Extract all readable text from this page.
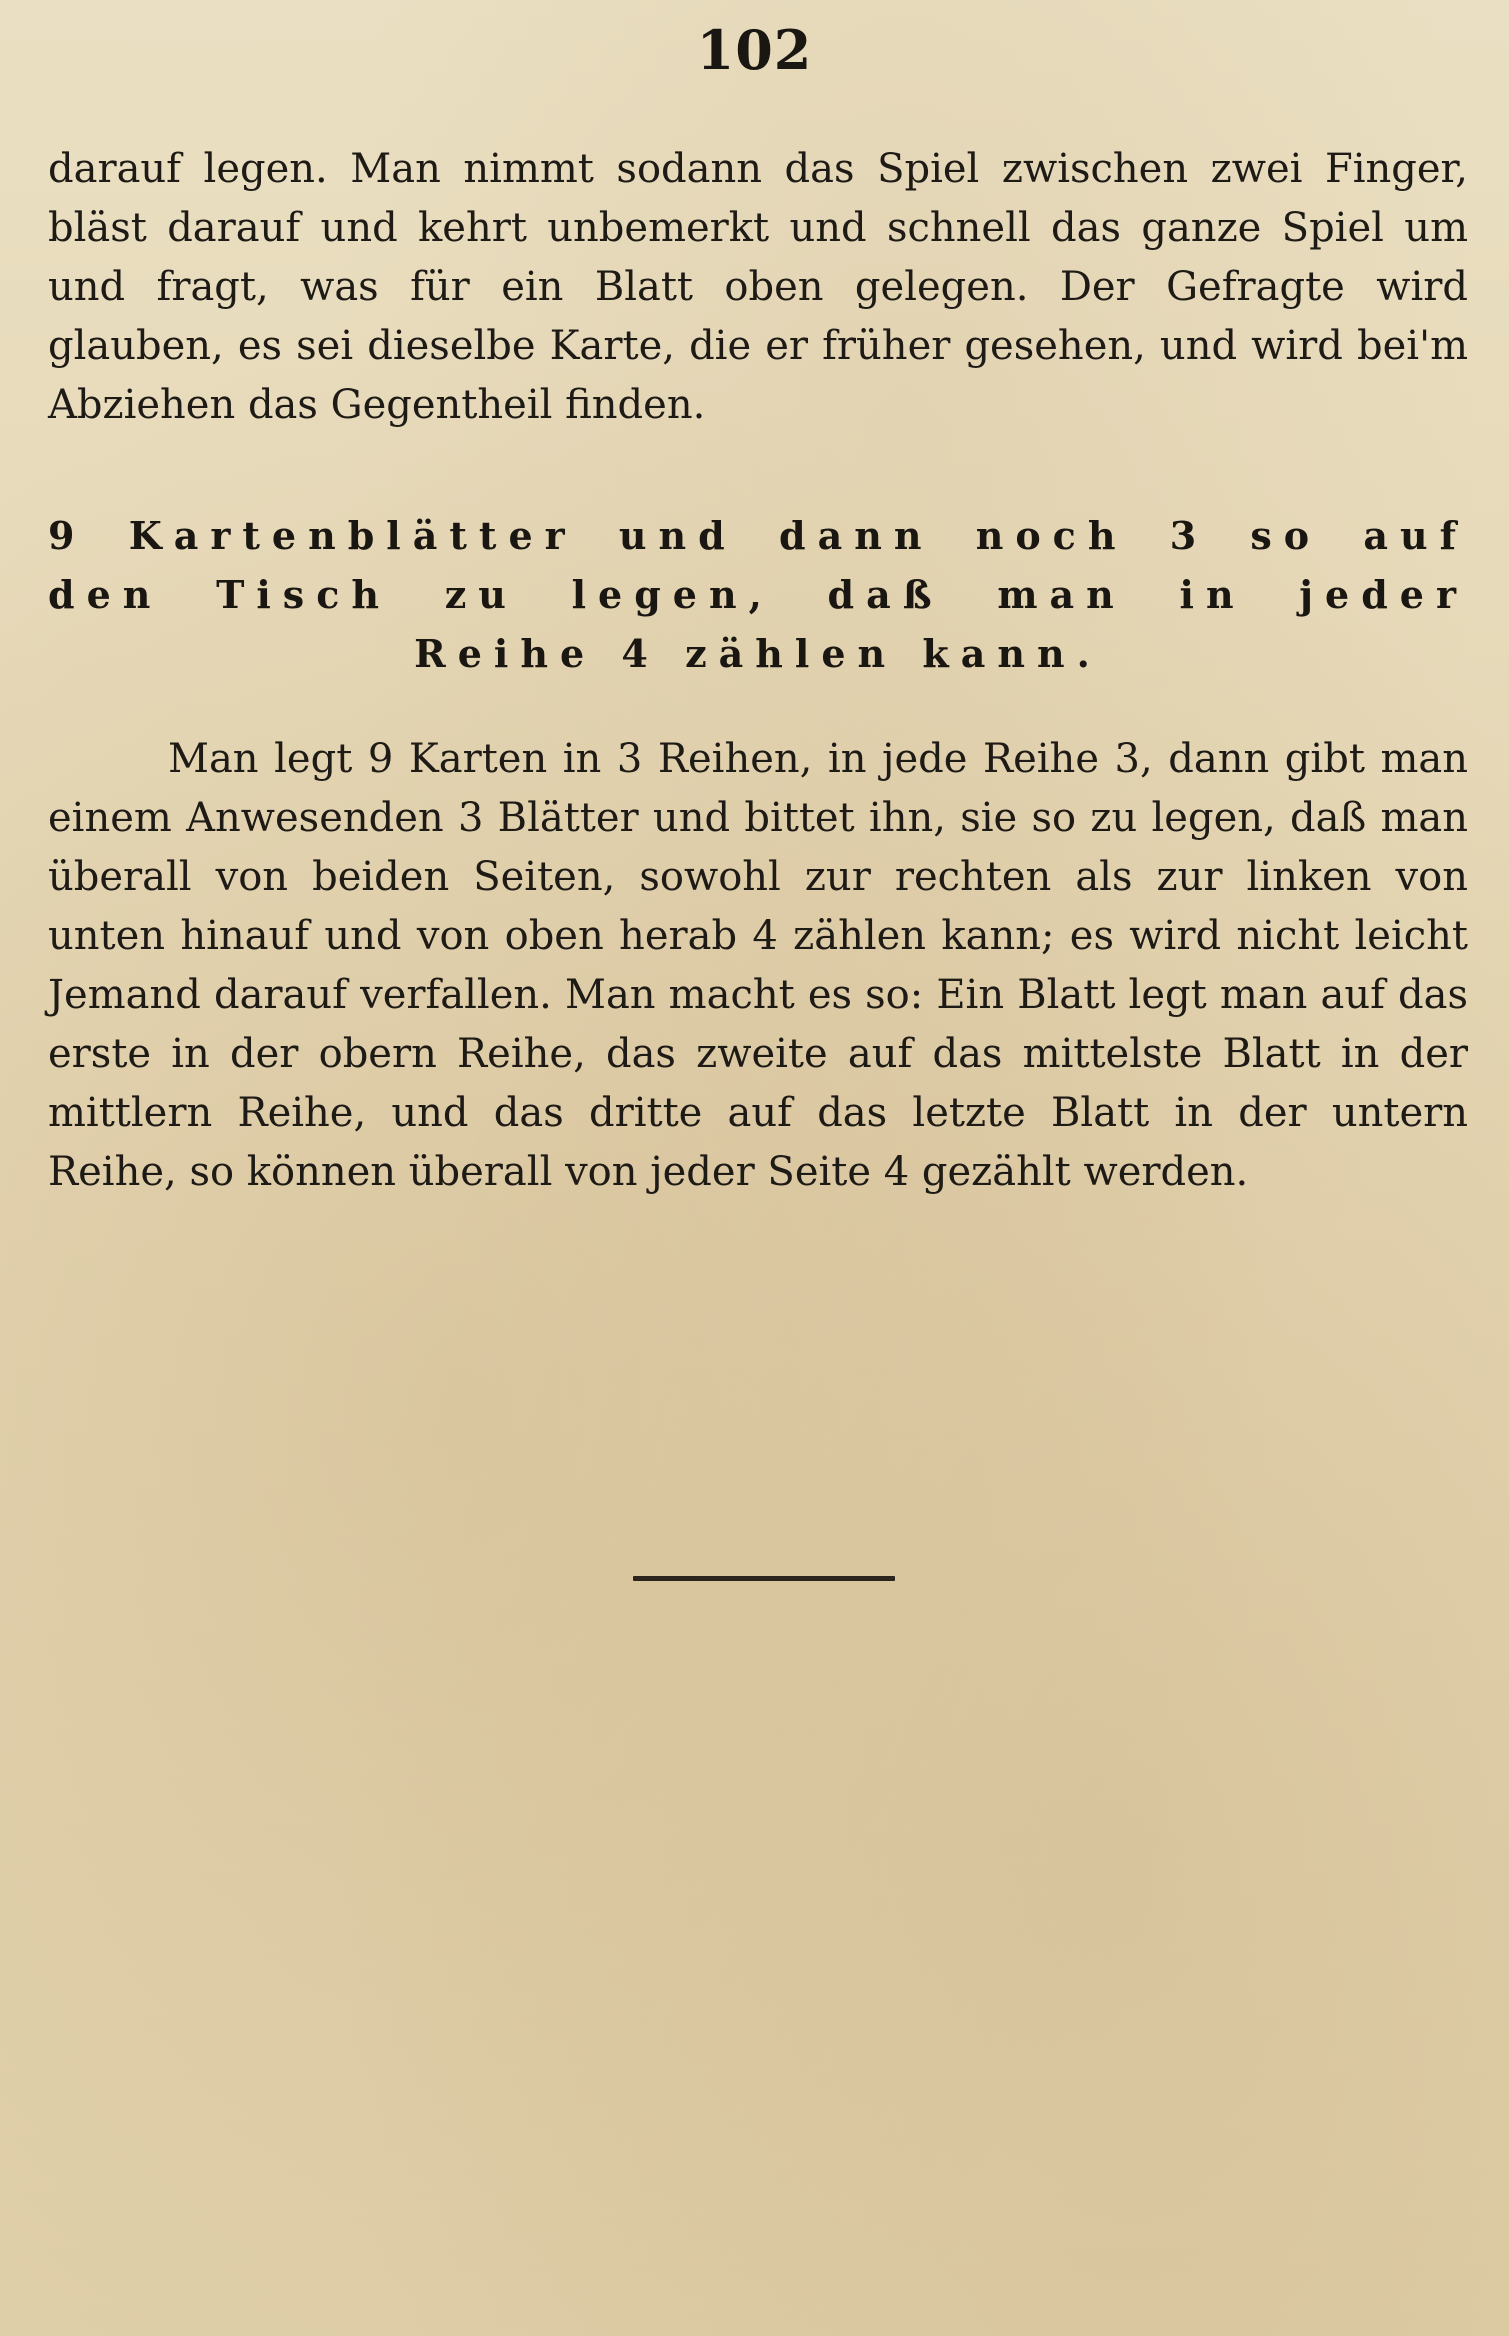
102

darauf legen. Man nimmt sodann das Spiel zwischen zwei Finger, bläst darauf und kehrt unbemerkt und schnell das ganze Spiel um und fragt, was für ein Blatt oben gelegen. Der Gefragte wird glauben, es sei dieselbe Karte, die er früher gesehen, und wird bei'm Abziehen das Gegentheil finden.

9 Kartenblätter und dann noch 3 so auf den Tisch zu legen, daß man in jeder Reihe 4 zählen kann.

Man legt 9 Karten in 3 Reihen, in jede Reihe 3, dann gibt man einem Anwesenden 3 Blätter und bittet ihn, sie so zu legen, daß man überall von beiden Seiten, sowohl zur rechten als zur linken von unten hinauf und von oben herab 4 zählen kann; es wird nicht leicht Jemand darauf verfallen. Man macht es so: Ein Blatt legt man auf das erste in der obern Reihe, das zweite auf das mittelste Blatt in der mittlern Reihe, und das dritte auf das letzte Blatt in der untern Reihe, so können überall von jeder Seite 4 gezählt werden.
